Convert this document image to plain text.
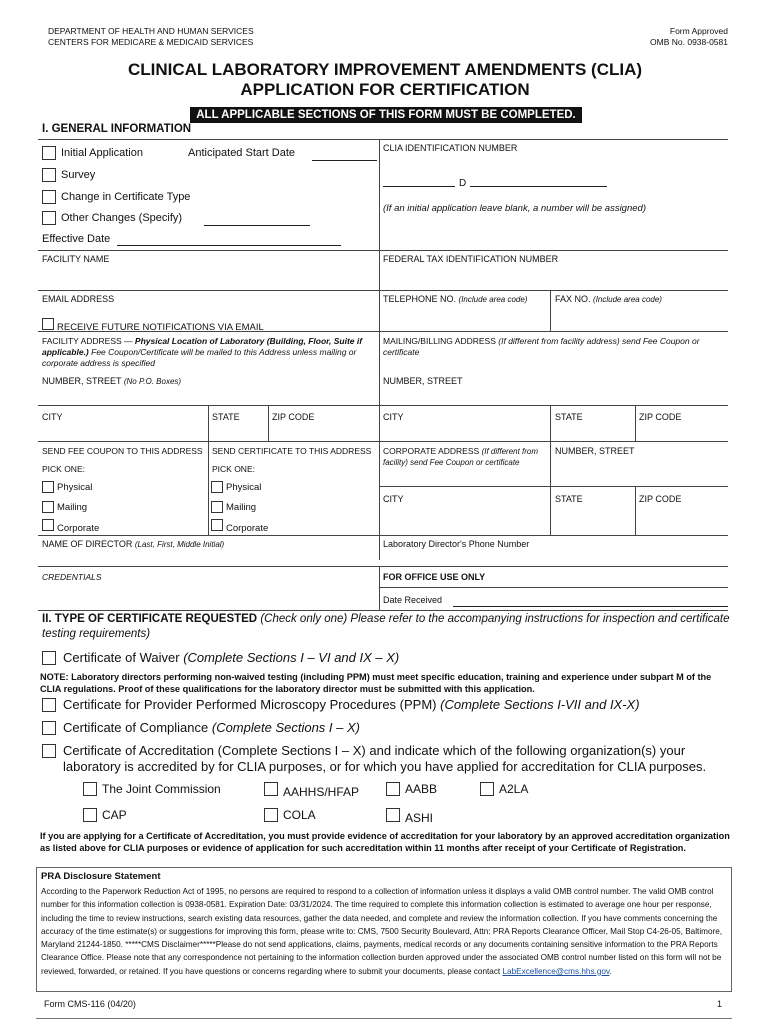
DEPARTMENT OF HEALTH AND HUMAN SERVICES
CENTERS FOR MEDICARE & MEDICAID SERVICES
Form Approved
OMB No. 0938-0581
CLINICAL LABORATORY IMPROVEMENT AMENDMENTS (CLIA)
APPLICATION FOR CERTIFICATION
ALL APPLICABLE SECTIONS OF THIS FORM MUST BE COMPLETED.
I. GENERAL INFORMATION
Initial Application	Anticipated Start Date
Survey
Change in Certificate Type
Other Changes (Specify)
Effective Date
CLIA IDENTIFICATION NUMBER
D
(If an initial application leave blank, a number will be assigned)
FACILITY NAME	FEDERAL TAX IDENTIFICATION NUMBER
EMAIL ADDRESS	TELEPHONE NO. (Include area code)	FAX NO. (Include area code)
RECEIVE FUTURE NOTIFICATIONS VIA EMAIL
FACILITY ADDRESS — Physical Location of Laboratory (Building, Floor, Suite if applicable.) Fee Coupon/Certificate will be mailed to this Address unless mailing or corporate address is specified
MAILING/BILLING ADDRESS (If different from facility address) send Fee Coupon or certificate
NUMBER, STREET (No P.O. Boxes)	NUMBER, STREET
CITY	STATE	ZIP CODE	CITY	STATE	ZIP CODE
SEND FEE COUPON TO THIS ADDRESS SEND CERTIFICATE TO THIS ADDRESS
PICK ONE:	PICK ONE:
Physical
Mailing
Corporate
Physical
Mailing
Corporate
CORPORATE ADDRESS (If different from facility) send Fee Coupon or certificate
NUMBER, STREET
CITY	STATE	ZIP CODE
NAME OF DIRECTOR (Last, First, Middle Initial)	Laboratory Director's Phone Number
CREDENTIALS	FOR OFFICE USE ONLY
Date Received
II. TYPE OF CERTIFICATE REQUESTED (Check only one) Please refer to the accompanying instructions for inspection and certificate testing requirements)
Certificate of Waiver (Complete Sections I – VI and IX – X)
NOTE: Laboratory directors performing non-waived testing (including PPM) must meet specific education, training and experience under subpart M of the CLIA regulations. Proof of these qualifications for the laboratory director must be submitted with this application.
Certificate for Provider Performed Microscopy Procedures (PPM) (Complete Sections I-VII and IX-X)
Certificate of Compliance (Complete Sections I – X)
Certificate of Accreditation (Complete Sections I – X) and indicate which of the following organization(s) your
laboratory is accredited by for CLIA purposes, or for which you have applied for accreditation for CLIA purposes.
The Joint Commission	AAHHS/HFAP	AABB	A2LA
CAP	COLA	ASHI
If you are applying for a Certificate of Accreditation, you must provide evidence of accreditation for your laboratory by an approved accreditation organization as listed above for CLIA purposes or evidence of application for such accreditation within 11 months after receipt of your Certificate of Registration.
PRA Disclosure Statement
According to the Paperwork Reduction Act of 1995, no persons are required to respond to a collection of information unless it displays a valid OMB control number. The valid OMB control number for this information collection is 0938-0581. Expiration Date: 03/31/2024. The time required to complete this information collection is estimated to average one hour per response, including the time to review instructions, search existing data resources, gather the data needed, and complete and review the information collection. If you have comments concerning the accuracy of the time estimate(s) or suggestions for improving this form, please write to: CMS, 7500 Security Boulevard, Attn: PRA Reports Clearance Officer, Mail Stop C4-26-05, Baltimore, Maryland 21244-1850. *****CMS Disclaimer*****Please do not send applications, claims, payments, medical records or any documents containing sensitive information to the PRA Reports Clearance Office. Please note that any correspondence not pertaining to the information collection burden approved under the associated OMB control number listed on this form will not be reviewed, forwarded, or retained. If you have questions or concerns regarding where to submit your documents, please contact LabExcellence@cms.hhs.gov.
Form CMS-116 (04/20)	1
